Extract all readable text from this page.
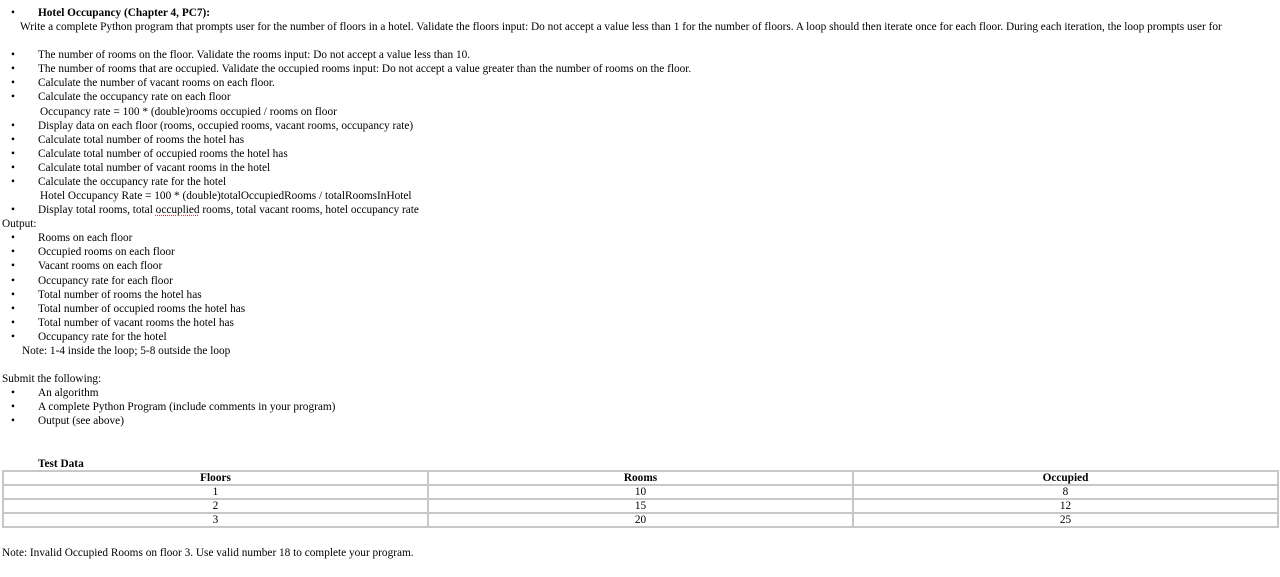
• Hotel Occupancy (Chapter 4, PC7):
Write a complete Python program that prompts user for the number of floors in a hotel. Validate the floors input: Do not accept a value less than 1 for the number of floors. A loop should then iterate once for each floor. During each iteration, the loop prompts user for
• The number of rooms on the floor. Validate the rooms input: Do not accept a value less than 10.
• The number of rooms that are occupied. Validate the occupied rooms input: Do not accept a value greater than the number of rooms on the floor.
• Calculate the number of vacant rooms on each floor.
• Calculate the occupancy rate on each floor
Occupancy rate = 100 * (double)rooms occupied / rooms on floor
• Display data on each floor (rooms, occupied rooms, vacant rooms, occupancy rate)
• Calculate total number of rooms the hotel has
• Calculate total number of occupied rooms the hotel has
• Calculate total number of vacant rooms in the hotel
• Calculate the occupancy rate for the hotel
Hotel Occupancy Rate = 100 * (double)totalOccupiedRooms / totalRoomsInHotel
• Display total rooms, total occuplied rooms, total vacant rooms, hotel occupancy rate
Output:
• Rooms on each floor
• Occupied rooms on each floor
• Vacant rooms on each floor
• Occupancy rate for each floor
• Total number of rooms the hotel has
• Total number of occupied rooms the hotel has
• Total number of vacant rooms the hotel has
• Occupancy rate for the hotel
Note: 1-4 inside the loop; 5-8 outside the loop
Submit the following:
• An algorithm
• A complete Python Program (include comments in your program)
• Output (see above)
Test Data
Floors	Rooms	Occupied
1	10	8
2	15	12
3	20	25
Note: Invalid Occupied Rooms on floor 3. Use valid number 18 to complete your program.
